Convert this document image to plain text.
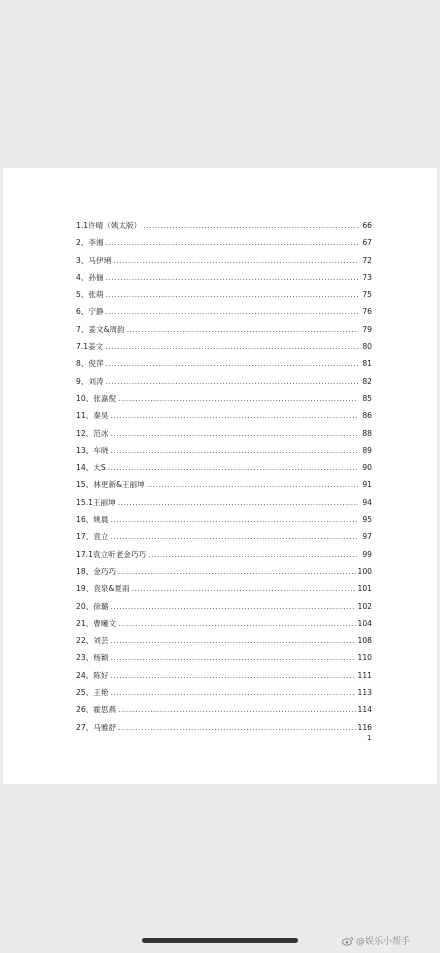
1.1许晴（姨太版） .....	66
2、李湘 .....	67
3、马伊琍 .....	72
4、孙俪 .....	73
5、张萌 .....	75
6、宁静 .....	76
7、姜文&周韵 .....	79
7.1姜文 .....	80
8、倪萍 .....	81
9、刘涛 .....	82
10、张嘉倪 .....	85
11、秦昊 .....	86
12、范冰 .....	88
13、车晓 .....	89
14、大S .....	90
15、林更新&王丽坤 .....	91
15.1王丽坤 .....	94
16、姚晨 .....	95
17、袁立 .....	97
17.1袁立听老金巧巧 .....	99
18、金巧巧 .....	100
19、袁泉&夏雨 .....	101
20、徐璐 .....	102
21、曹曦文 .....	104
22、刘芸 .....	108
23、杨颖 .....	110
24、陈好 .....	111
25、王艳 .....	113
26、霍思燕 .....	114
27、马雅舒 .....	116
1
@娱乐小帮手
